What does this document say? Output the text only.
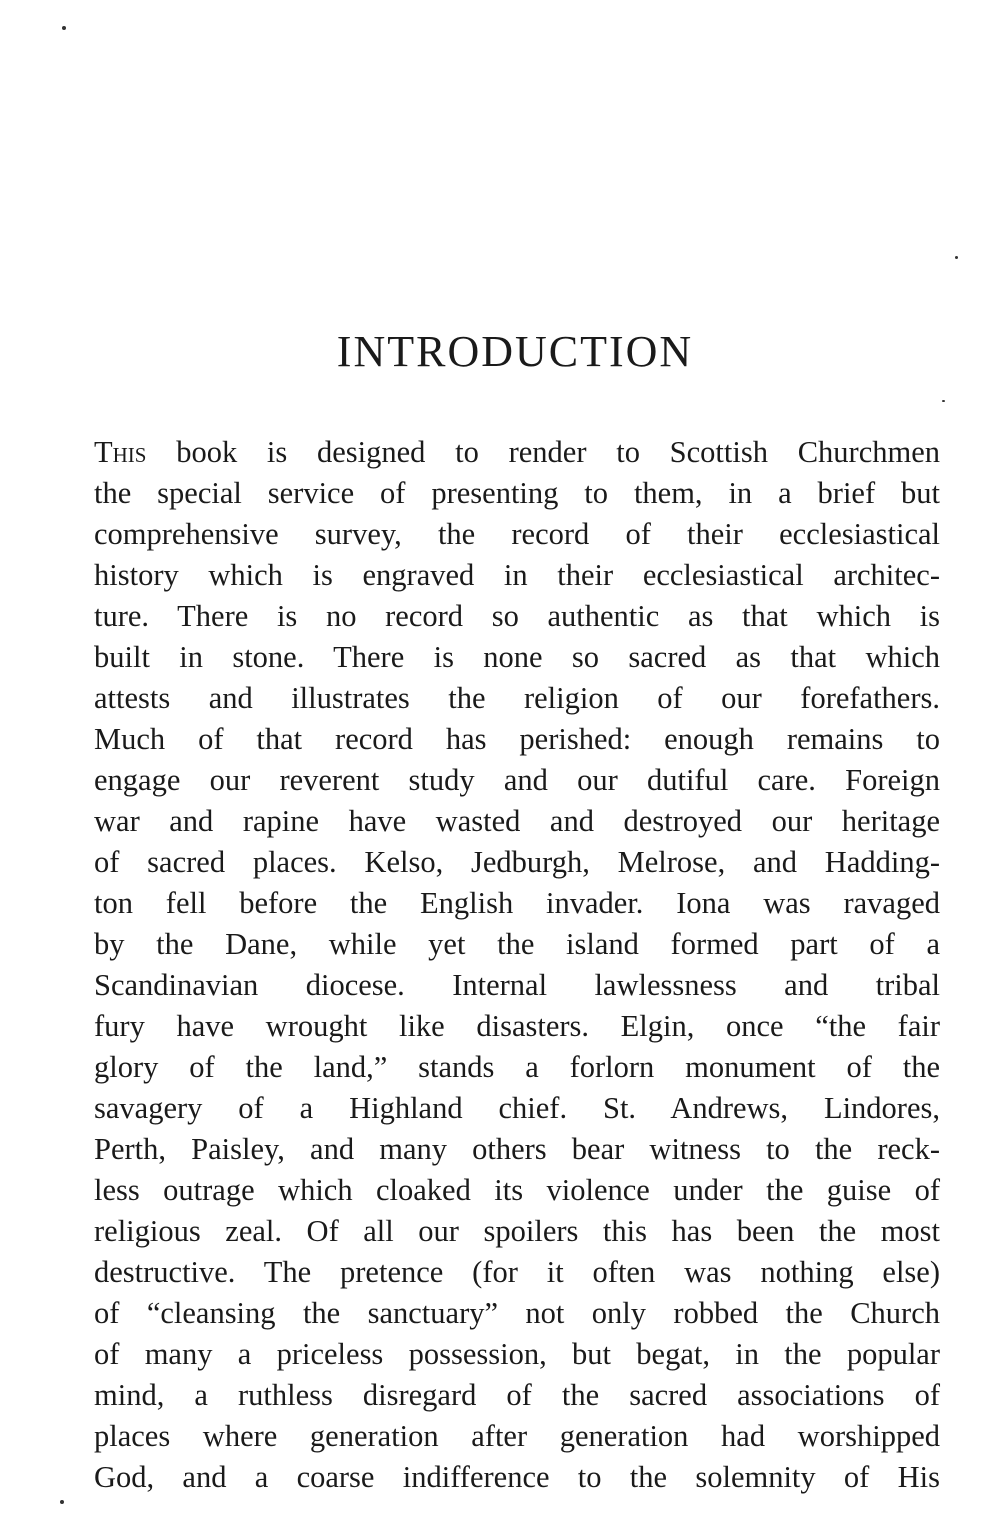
INTRODUCTION
This book is designed to render to Scottish Churchmen
the special service of presenting to them, in a brief but
comprehensive survey, the record of their ecclesiastical
history which is engraved in their ecclesiastical architec-
ture. There is no record so authentic as that which is
built in stone. There is none so sacred as that which
attests and illustrates the religion of our forefathers.
Much of that record has perished: enough remains to
engage our reverent study and our dutiful care. Foreign
war and rapine have wasted and destroyed our heritage
of sacred places. Kelso, Jedburgh, Melrose, and Hadding-
ton fell before the English invader. Iona was ravaged
by the Dane, while yet the island formed part of a
Scandinavian diocese. Internal lawlessness and tribal
fury have wrought like disasters. Elgin, once “the fair
glory of the land,” stands a forlorn monument of the
savagery of a Highland chief. St. Andrews, Lindores,
Perth, Paisley, and many others bear witness to the reck-
less outrage which cloaked its violence under the guise of
religious zeal. Of all our spoilers this has been the most
destructive. The pretence (for it often was nothing else)
of “cleansing the sanctuary” not only robbed the Church
of many a priceless possession, but begat, in the popular
mind, a ruthless disregard of the sacred associations of
places where generation after generation had worshipped
God, and a coarse indifference to the solemnity of His
